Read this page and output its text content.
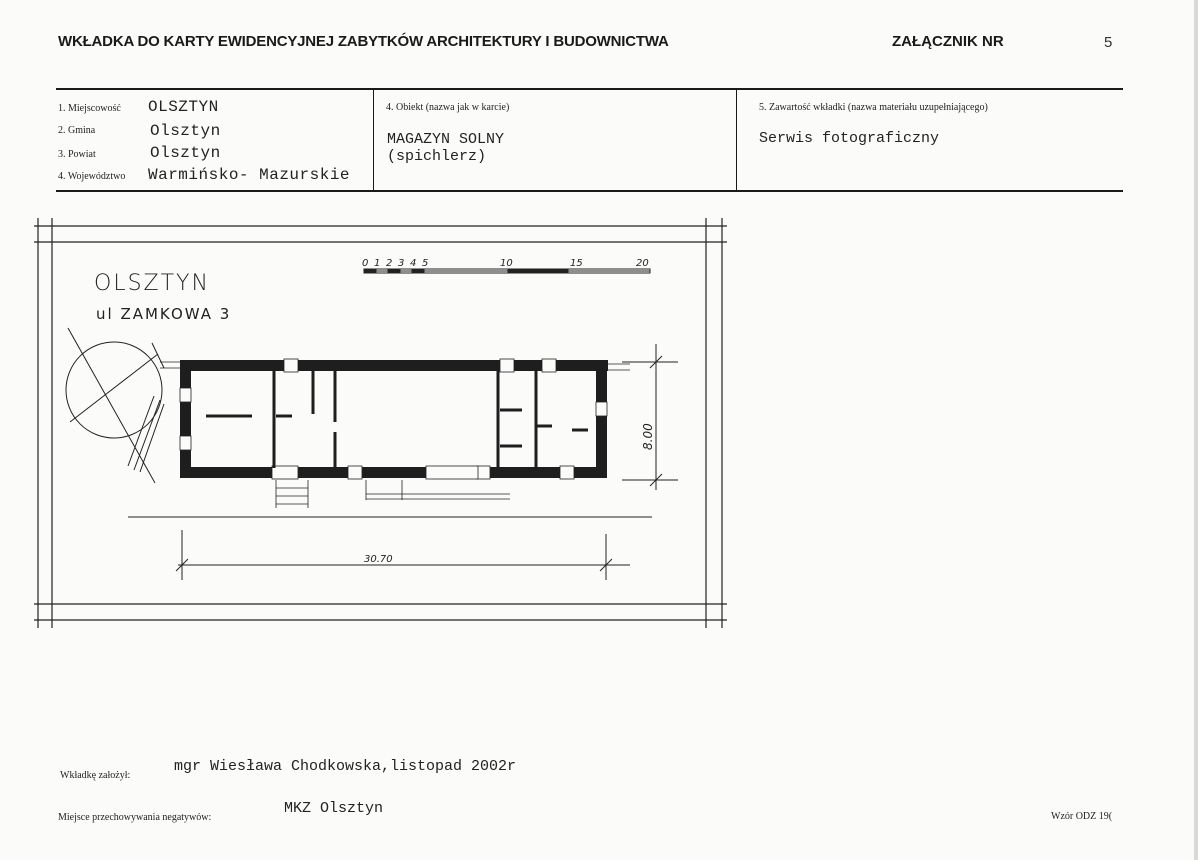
WKŁADKA DO KARTY EWIDENCYJNEJ ZABYTKÓW ARCHITEKTURY I BUDOWNICTWA	ZAŁĄCZNIK NR	5
1. Miejscowość OLSZTYN
2. Gmina	Olsztyn
3. Powiat	Olsztyn
4. Województwo Warmińsko- Mazurskie
4. Obiekt (nazwa jak w karcie)
MAGAZYN SOLNY
(spichlerz)
5. Zawartość wkładki (nazwa materiału uzupełniającego)
Serwis fotograficzny
OLSZTYN
ul ZAMKOWA 3
0 1 2 3 4 5	10	15	20
30.70
8.00
Wkładkę założył:
mgr Wiesława Chodkowska,listopad 2002r
Miejsce przechowywania negatywów:
MKZ Olsztyn	Wzór ODZ 19(
